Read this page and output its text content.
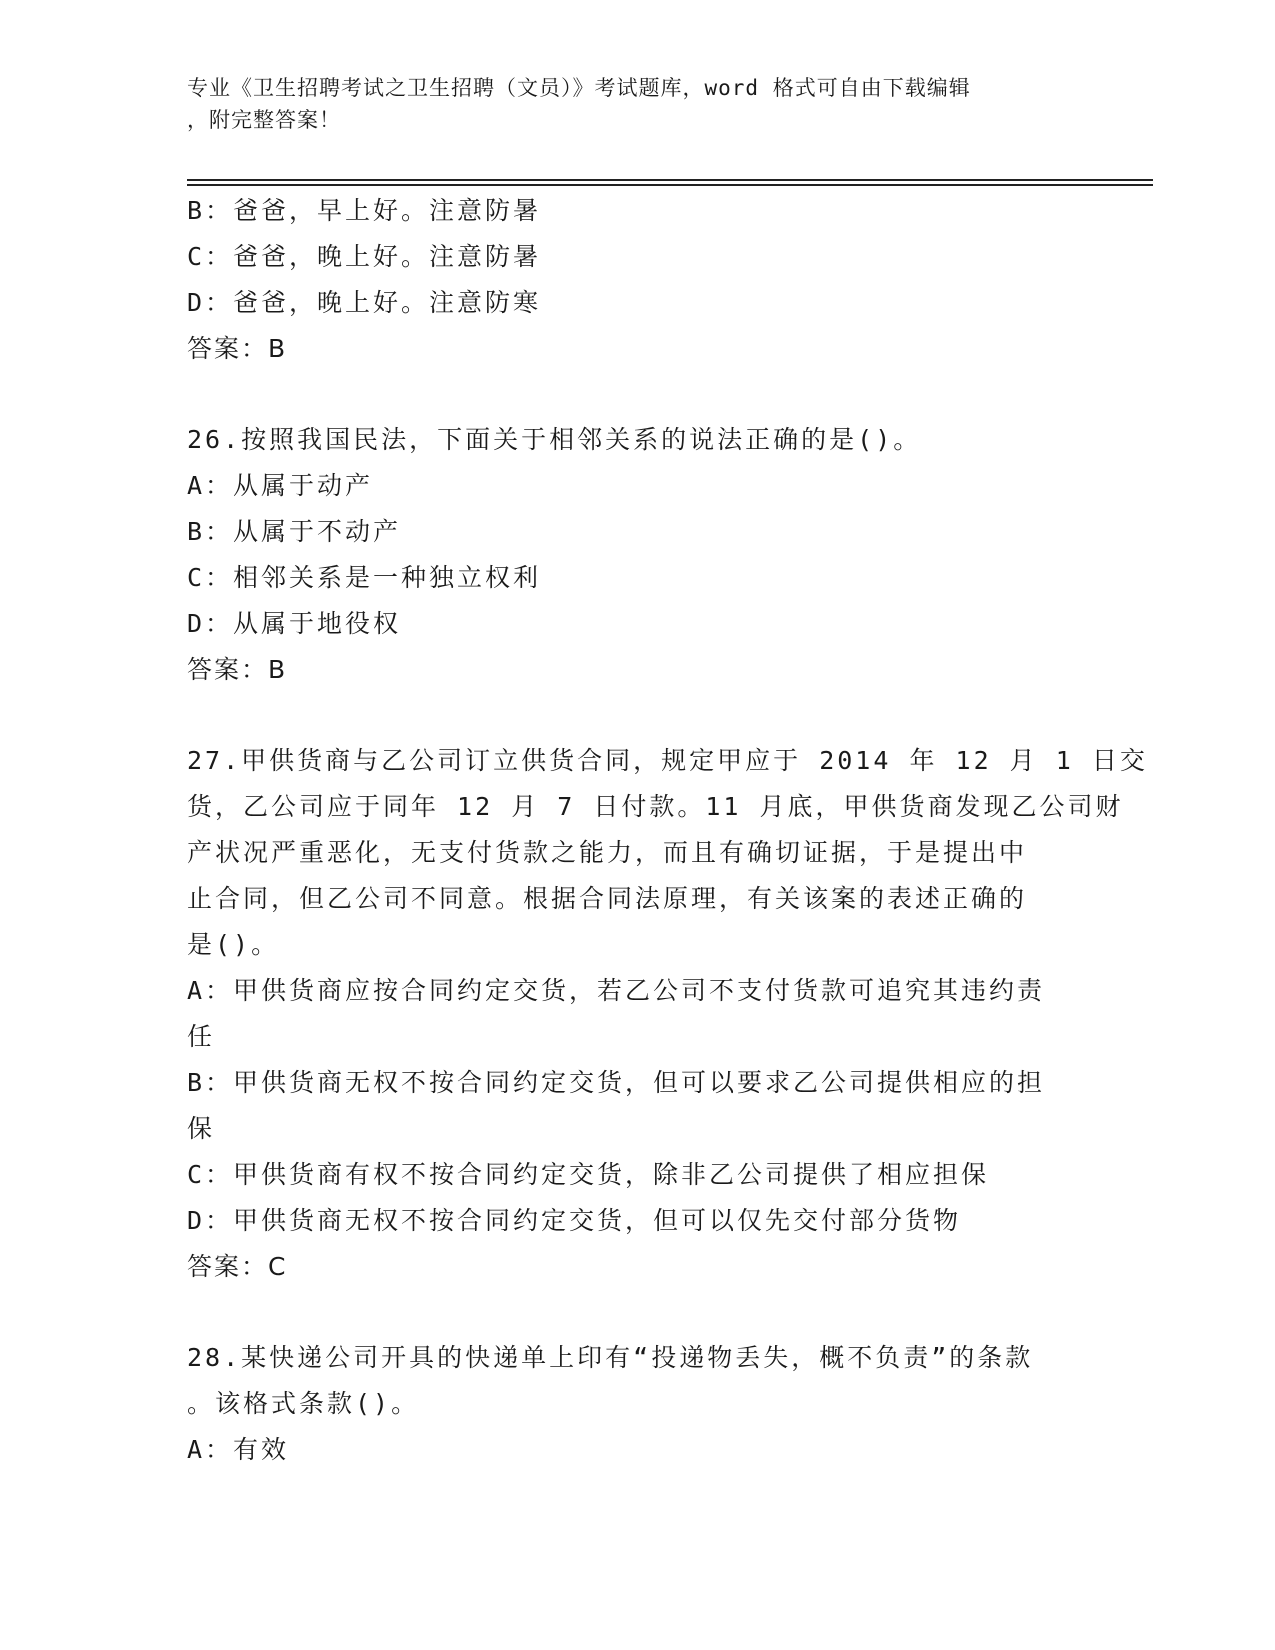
专业《卫生招聘考试之卫生招聘（文员）》考试题库，word 格式可自由下载编辑
，附完整答案！
B：爸爸，早上好。注意防暑
C：爸爸，晚上好。注意防暑
D：爸爸，晚上好。注意防寒
答案：B
26.按照我国民法，下面关于相邻关系的说法正确的是()。
A：从属于动产
B：从属于不动产
C：相邻关系是一种独立权利
D：从属于地役权
答案：B
27.甲供货商与乙公司订立供货合同，规定甲应于 2014 年 12 月 1 日交
货，乙公司应于同年 12 月 7 日付款。11 月底，甲供货商发现乙公司财
产状况严重恶化，无支付货款之能力，而且有确切证据，于是提出中
止合同，但乙公司不同意。根据合同法原理，有关该案的表述正确的
是()。
A：甲供货商应按合同约定交货，若乙公司不支付货款可追究其违约责
任
B：甲供货商无权不按合同约定交货，但可以要求乙公司提供相应的担
保
C：甲供货商有权不按合同约定交货，除非乙公司提供了相应担保
D：甲供货商无权不按合同约定交货，但可以仅先交付部分货物
答案：C
28.某快递公司开具的快递单上印有“投递物丢失，概不负责”的条款
。该格式条款()。
A：有效
